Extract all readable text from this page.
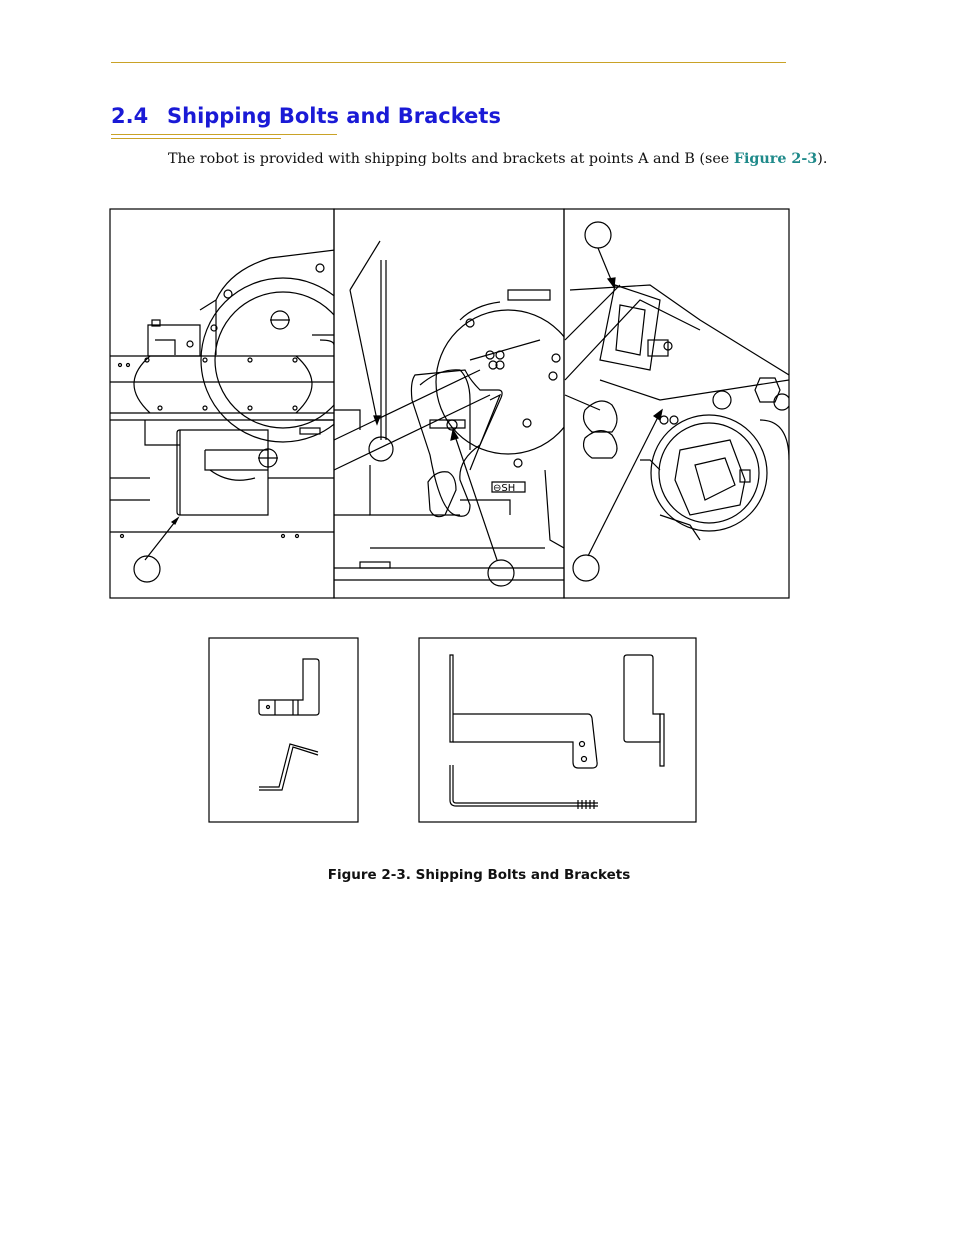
2.4 Shipping Bolts and Brackets
The robot is provided with shipping bolts and brackets at points A and B (see Figure 2-3).
⊖SH
Figure 2-3. Shipping Bolts and Brackets
